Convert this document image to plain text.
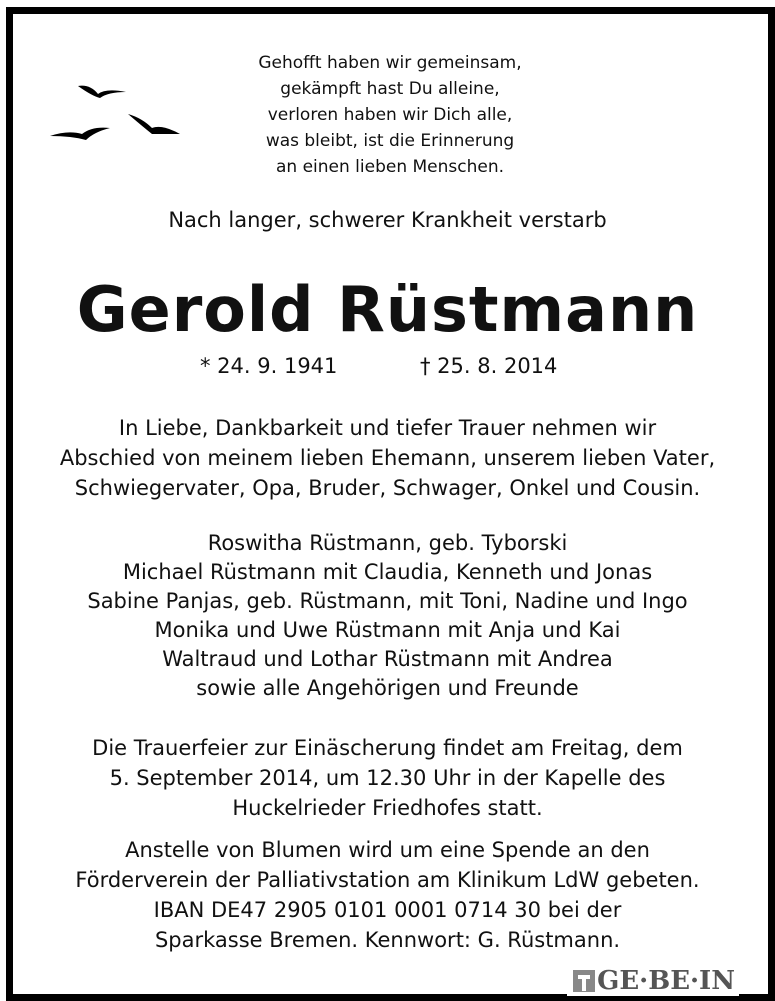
Gehofft haben wir gemeinsam,
gekämpft hast Du alleine,
verloren haben wir Dich alle,
was bleibt, ist die Erinnerung
an einen lieben Menschen.
Nach langer, schwerer Krankheit verstarb
Gerold Rüstmann
* 24. 9. 1941	† 25. 8. 2014
In Liebe, Dankbarkeit und tiefer Trauer nehmen wir
Abschied von meinem lieben Ehemann, unserem lieben Vater,
Schwiegervater, Opa, Bruder, Schwager, Onkel und Cousin.
Roswitha Rüstmann, geb. Tyborski
Michael Rüstmann mit Claudia, Kenneth und Jonas
Sabine Panjas, geb. Rüstmann, mit Toni, Nadine und Ingo
Monika und Uwe Rüstmann mit Anja und Kai
Waltraud und Lothar Rüstmann mit Andrea
sowie alle Angehörigen und Freunde
Die Trauerfeier zur Einäscherung findet am Freitag, dem
5. September 2014, um 12.30 Uhr in der Kapelle des
Huckelrieder Friedhofes statt.
Anstelle von Blumen wird um eine Spende an den
Förderverein der Palliativstation am Klinikum LdW gebeten.
IBAN DE47 2905 0101 0001 0714 30 bei der
Sparkasse Bremen. Kennwort: G. Rüstmann.
GE·BE·IN
